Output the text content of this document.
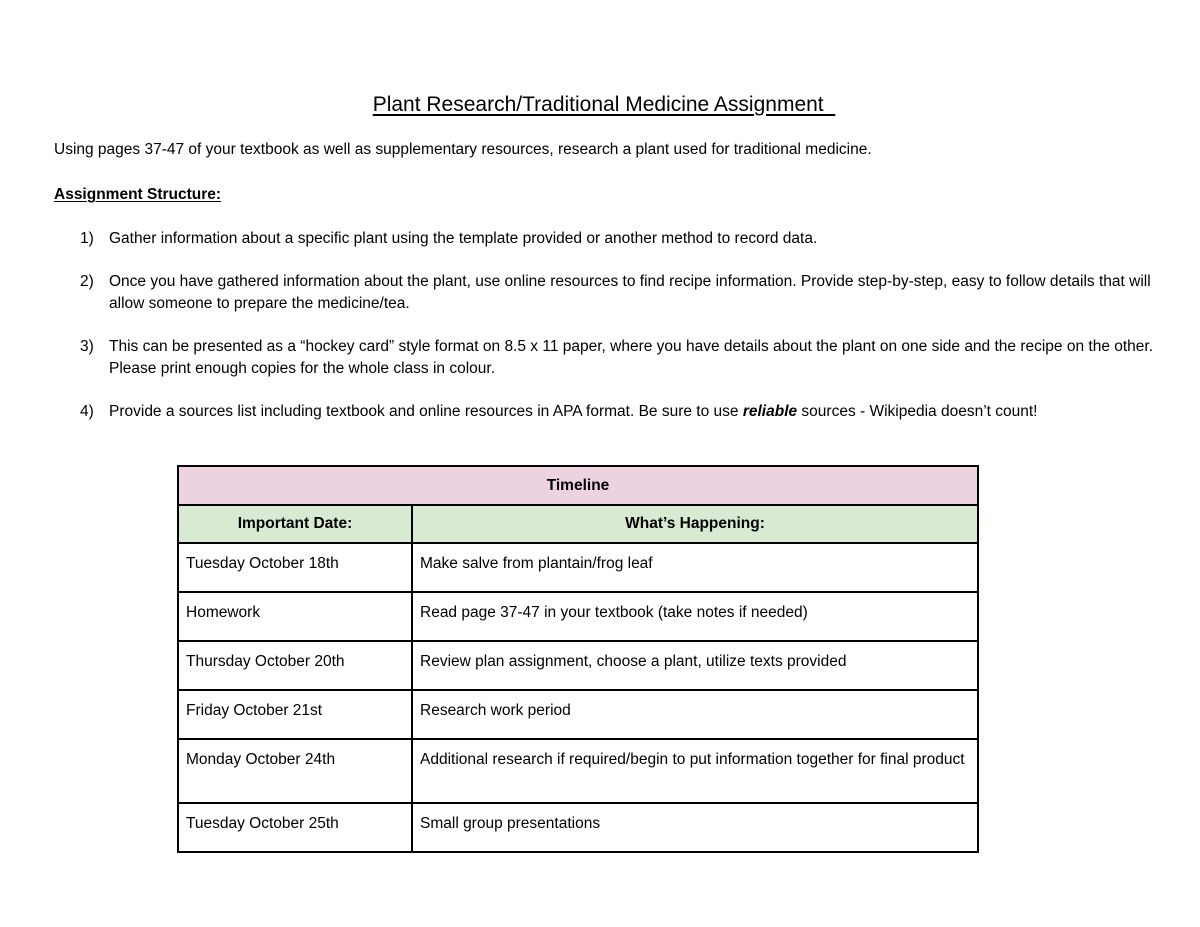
Plant Research/Traditional Medicine Assignment
Using pages 37-47 of your textbook as well as supplementary resources, research a plant used for traditional medicine.
Assignment Structure:
1) Gather information about a specific plant using the template provided or another method to record data.
2) Once you have gathered information about the plant, use online resources to find recipe information. Provide step-by-step, easy to follow details that will allow someone to prepare the medicine/tea.
3) This can be presented as a “hockey card” style format on 8.5 x 11 paper, where you have details about the plant on one side and the recipe on the other. Please print enough copies for the whole class in colour.
4) Provide a sources list including textbook and online resources in APA format. Be sure to use reliable sources - Wikipedia doesn’t count!
Timeline	
Important Date:	What’s Happening:
Tuesday October 18th	Make salve from plantain/frog leaf
Homework	Read page 37-47 in your textbook (take notes if needed)
Thursday October 20th	Review plan assignment, choose a plant, utilize texts provided
Friday October 21st	Research work period
Monday October 24th	Additional research if required/begin to put information together for final product
Tuesday October 25th	Small group presentations
